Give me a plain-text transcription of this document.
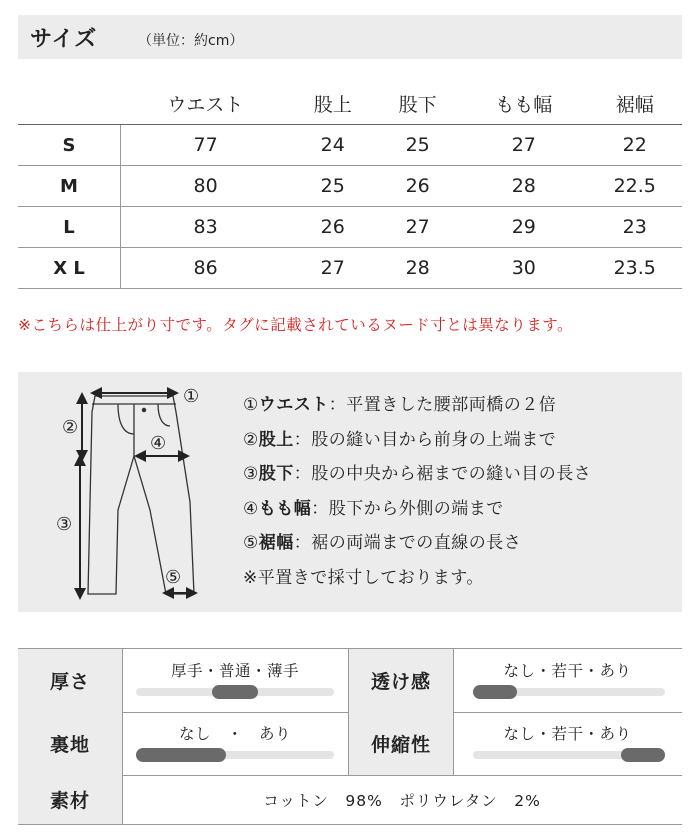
サイズ	（単位：約cm）
	ウエスト	股上	股下	もも幅	裾幅
S	77	24	25	27	22
M	80	25	26	28	22.5
L	83	26	27	29	23
X L	86	27	28	30	23.5
※こちらは仕上がり寸です。タグに記載されているヌード寸とは異なります。
①
②
④
③
⑤
①ウエスト：平置きした腰部両橋の２倍
②股上：股の縫い目から前身の上端まで
③股下：股の中央から裾までの縫い目の長さ
④もも幅：股下から外側の端まで
⑤裾幅：裾の両端までの直線の長さ
※平置きで採寸しております。
厚さ	厚手・普通・薄手	透け感	なし・若干・あり
裏地	なし　・　あり	伸縮性	なし・若干・あり
素材	コットン　98%　ポリウレタン　2%
